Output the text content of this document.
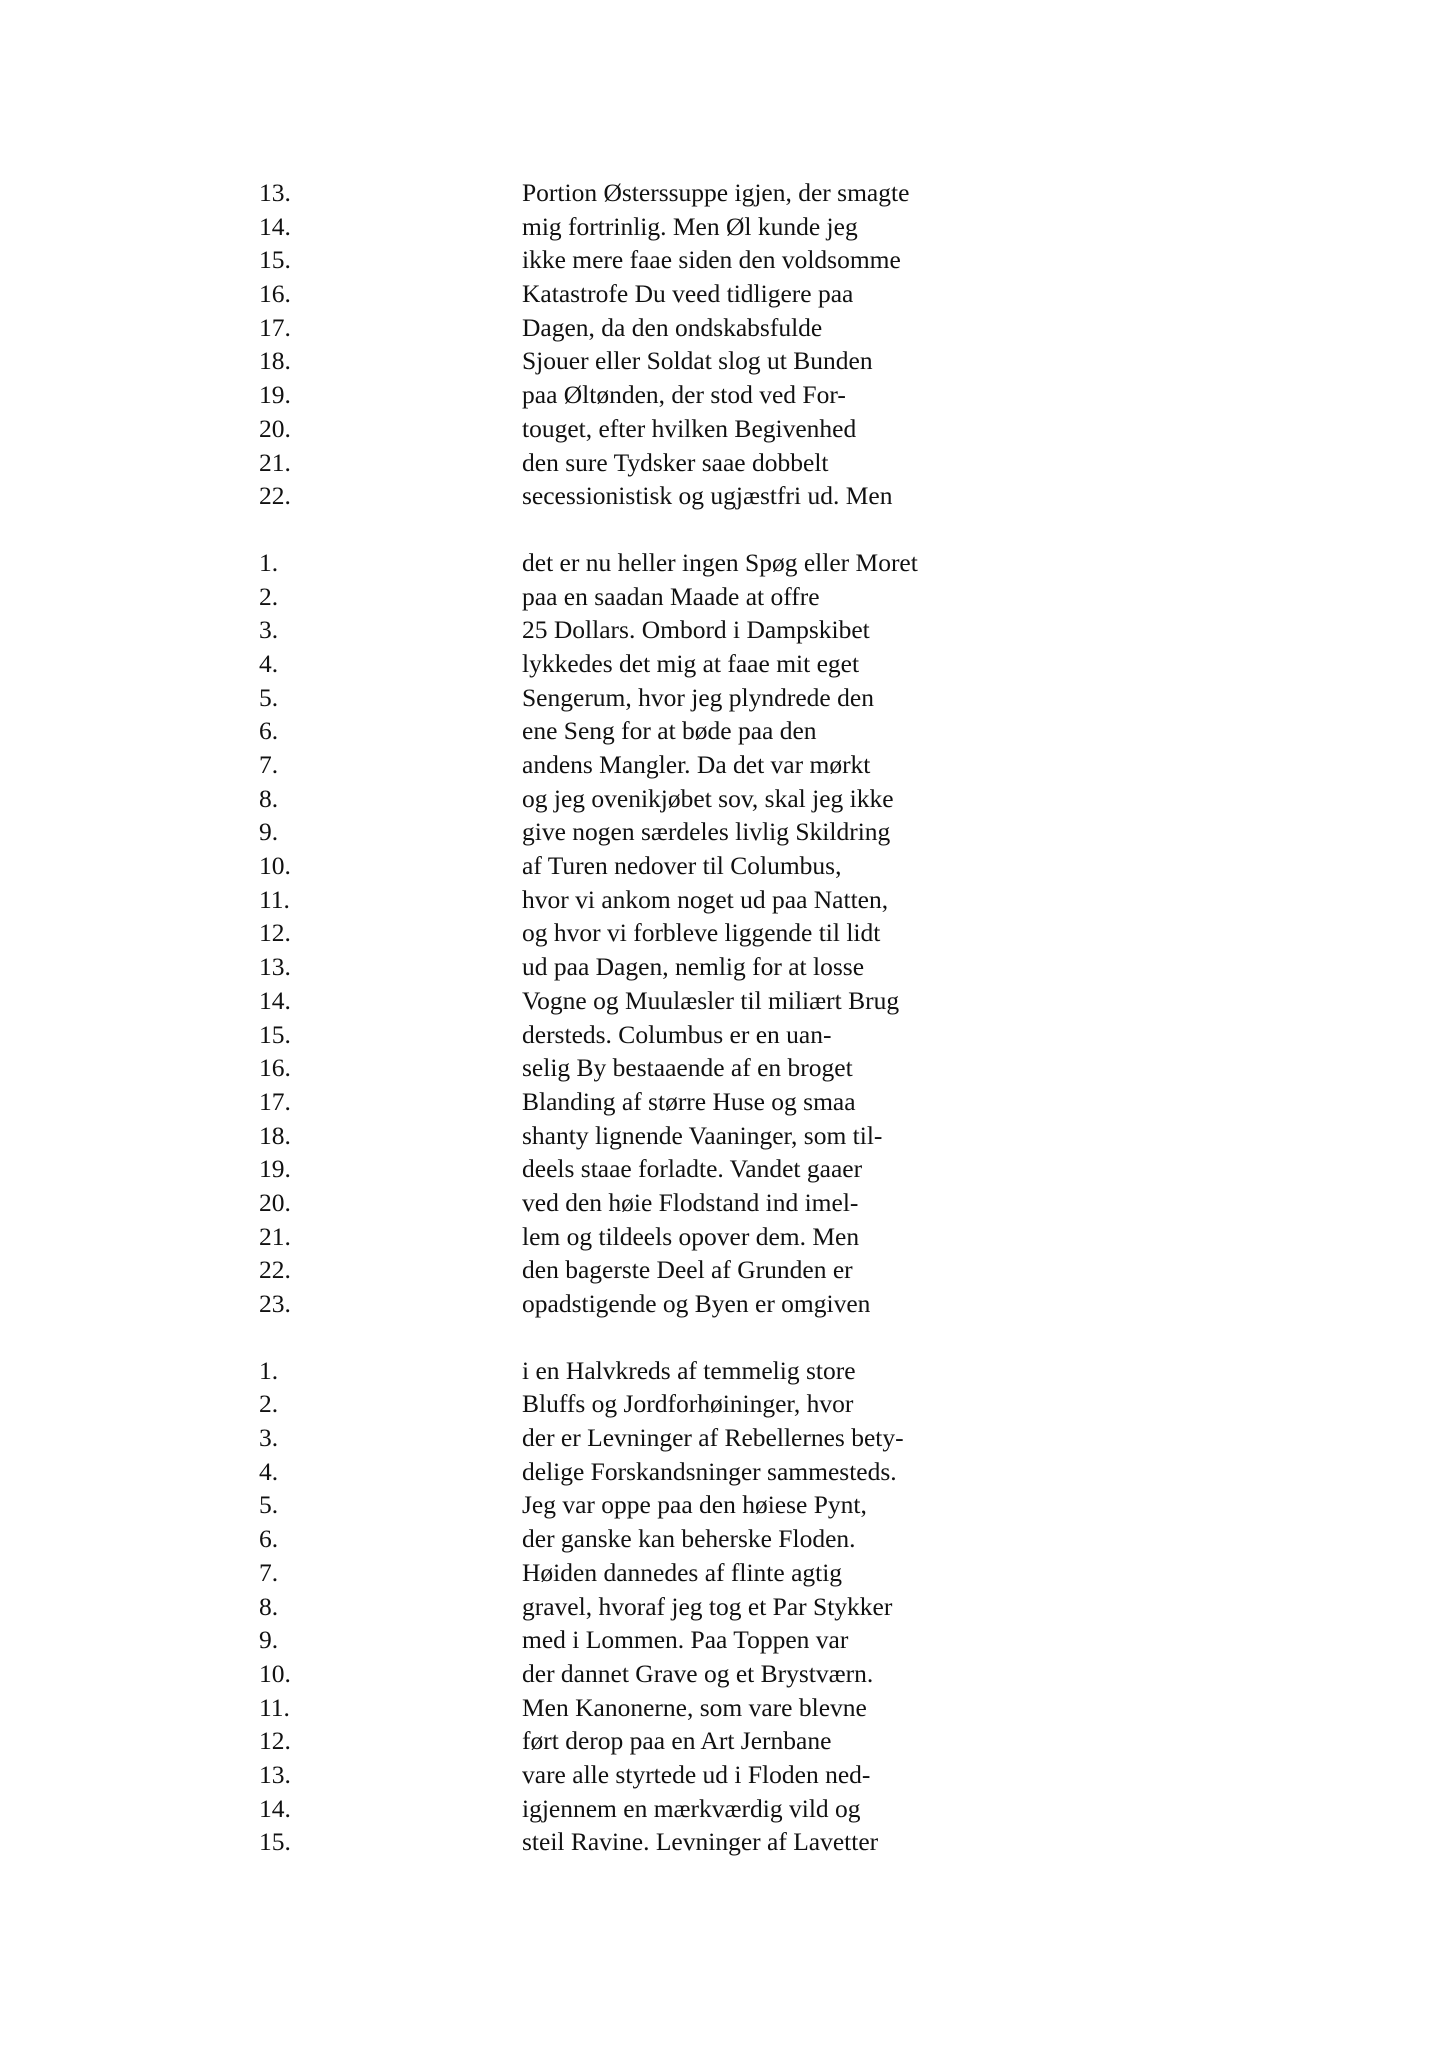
13.	Portion Østerssuppe igjen, der smagte
14.	mig fortrinlig. Men Øl kunde jeg
15.	ikke mere faae siden den voldsomme
16.	Katastrofe Du veed tidligere paa
17.	Dagen, da den ondskabsfulde
18.	Sjouer eller Soldat slog ut Bunden
19.	paa Øltønden, der stod ved For-
20.	touget, efter hvilken Begivenhed
21.	den sure Tydsker saae dobbelt
22.	secessionistisk og ugjæstfri ud. Men
1.	det er nu heller ingen Spøg eller Moret
2.	paa en saadan Maade at offre
3.	25 Dollars. Ombord i Dampskibet
4.	lykkedes det mig at faae mit eget
5.	Sengerum, hvor jeg plyndrede den
6.	ene Seng for at bøde paa den
7.	andens Mangler. Da det var mørkt
8.	og jeg ovenikjøbet sov, skal jeg ikke
9.	give nogen særdeles livlig Skildring
10.	af Turen nedover til Columbus,
11.	hvor vi ankom noget ud paa Natten,
12.	og hvor vi forbleve liggende til lidt
13.	ud paa Dagen, nemlig for at losse
14.	Vogne og Muulæsler til miliært Brug
15.	dersteds. Columbus er en uan-
16.	selig By bestaaende af en broget
17.	Blanding af større Huse og smaa
18.	shanty lignende Vaaninger, som til-
19.	deels staae forladte. Vandet gaaer
20.	ved den høie Flodstand ind imel-
21.	lem og tildeels opover dem. Men
22.	den bagerste Deel af Grunden er
23.	opadstigende og Byen er omgiven
1.	i en Halvkreds af temmelig store
2.	Bluffs og Jordforhøininger, hvor
3.	der er Levninger af Rebellernes bety-
4.	delige Forskandsninger sammesteds.
5.	Jeg var oppe paa den høiese Pynt,
6.	der ganske kan beherske Floden.
7.	Høiden dannedes af flinte agtig
8.	gravel, hvoraf jeg tog et Par Stykker
9.	med i Lommen. Paa Toppen var
10.	der dannet Grave og et Brystværn.
11.	Men Kanonerne, som vare blevne
12.	ført derop paa en Art Jernbane
13.	vare alle styrtede ud i Floden ned-
14.	igjennem en mærkværdig vild og
15.	steil Ravine. Levninger af Lavetter
